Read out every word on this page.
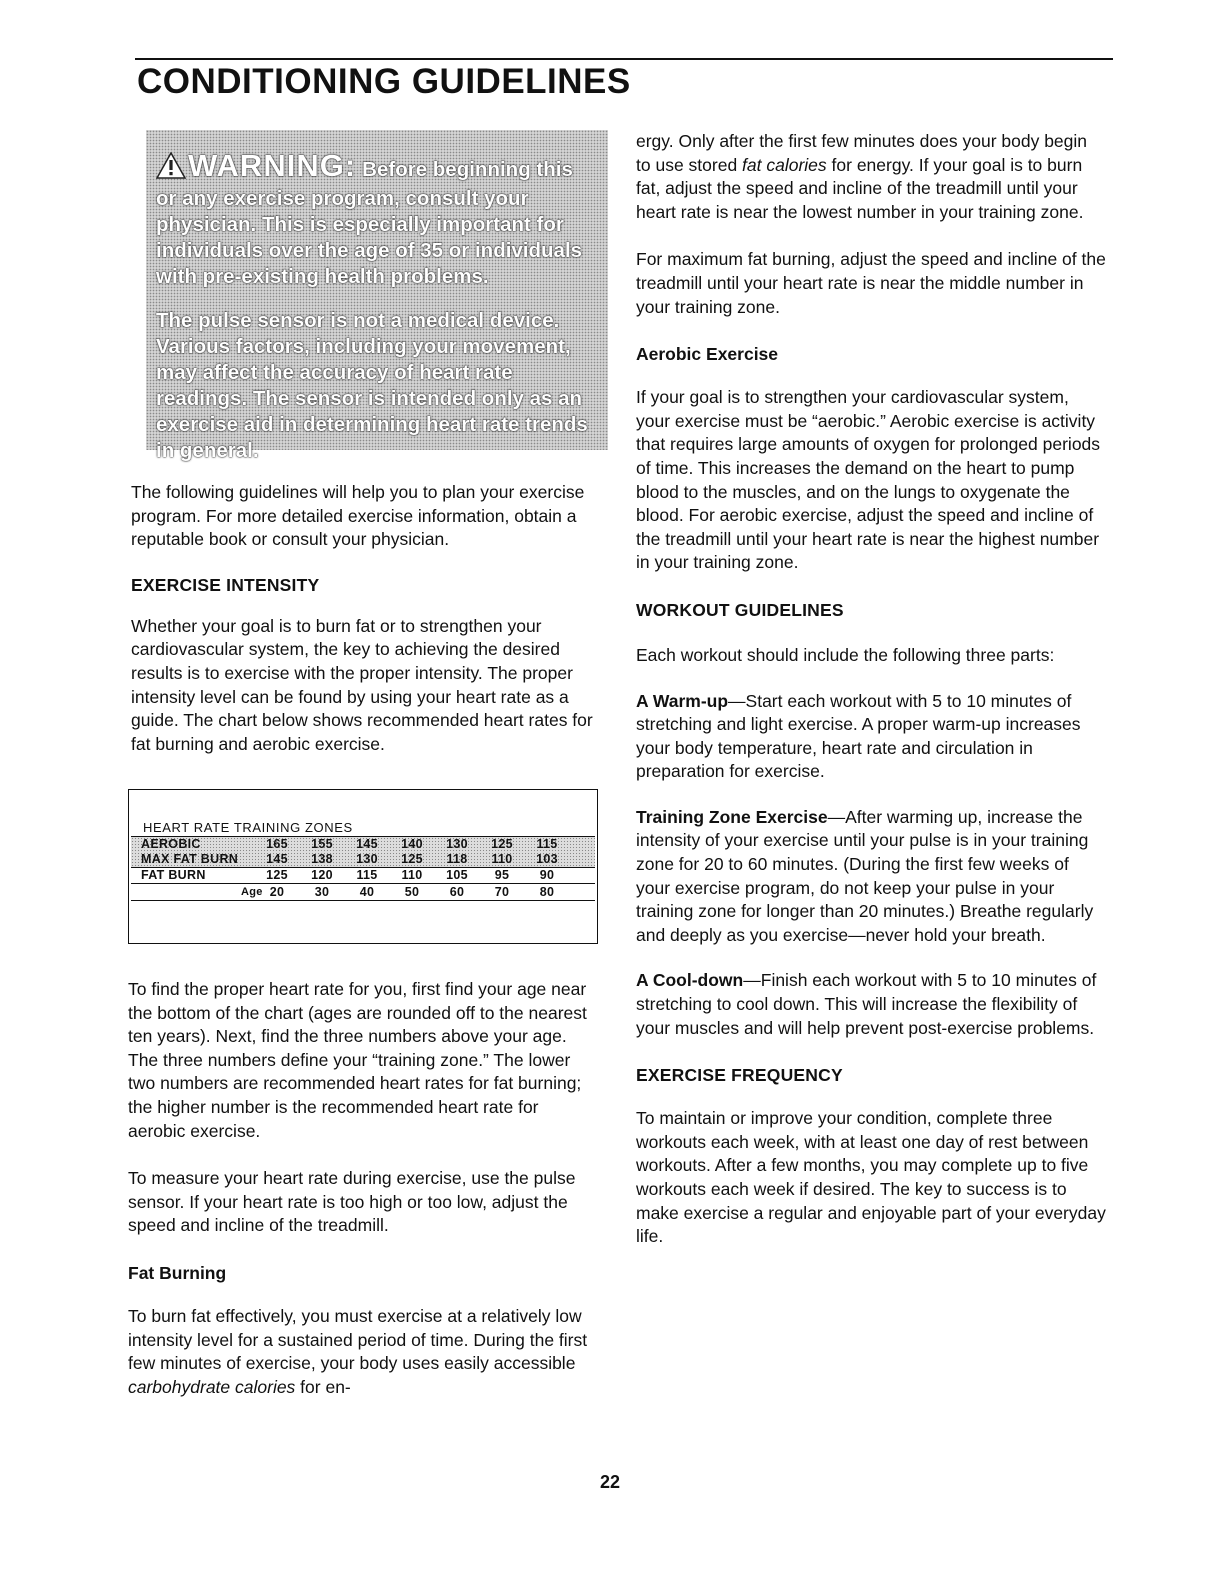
CONDITIONING GUIDELINES

WARNING: Before beginning this or any exercise program, consult your physician. This is especially important for individuals over the age of 35 or individuals with pre-existing health problems.

The pulse sensor is not a medical device. Various factors, including your movement, may affect the accuracy of heart rate readings. The sensor is intended only as an exercise aid in determining heart rate trends in general.

The following guidelines will help you to plan your exercise program. For more detailed exercise information, obtain a reputable book or consult your physician.

EXERCISE INTENSITY

Whether your goal is to burn fat or to strengthen your cardiovascular system, the key to achieving the desired results is to exercise with the proper intensity. The proper intensity level can be found by using your heart rate as a guide. The chart below shows recommended heart rates for fat burning and aerobic exercise.

HEART RATE TRAINING ZONES
AEROBIC	165	155	145	140	130	125	115
MAX FAT BURN	145	138	130	125	118	110	103
FAT BURN	125	120	115	110	105	95	90
Age 20	30	40	50	60	70	80

To find the proper heart rate for you, first find your age near the bottom of the chart (ages are rounded off to the nearest ten years). Next, find the three numbers above your age. The three numbers define your “training zone.” The lower two numbers are recommended heart rates for fat burning; the higher number is the recommended heart rate for aerobic exercise.

To measure your heart rate during exercise, use the pulse sensor. If your heart rate is too high or too low, adjust the speed and incline of the treadmill.

Fat Burning

To burn fat effectively, you must exercise at a relatively low intensity level for a sustained period of time. During the first few minutes of exercise, your body uses easily accessible carbohydrate calories for en-

ergy. Only after the first few minutes does your body begin to use stored fat calories for energy. If your goal is to burn fat, adjust the speed and incline of the treadmill until your heart rate is near the lowest number in your training zone.

For maximum fat burning, adjust the speed and incline of the treadmill until your heart rate is near the middle number in your training zone.

Aerobic Exercise

If your goal is to strengthen your cardiovascular system, your exercise must be “aerobic.” Aerobic exercise is activity that requires large amounts of oxygen for prolonged periods of time. This increases the demand on the heart to pump blood to the muscles, and on the lungs to oxygenate the blood. For aerobic exercise, adjust the speed and incline of the treadmill until your heart rate is near the highest number in your training zone.

WORKOUT GUIDELINES

Each workout should include the following three parts:

A Warm-up—Start each workout with 5 to 10 minutes of stretching and light exercise. A proper warm-up increases your body temperature, heart rate and circulation in preparation for exercise.

Training Zone Exercise—After warming up, increase the intensity of your exercise until your pulse is in your training zone for 20 to 60 minutes. (During the first few weeks of your exercise program, do not keep your pulse in your training zone for longer than 20 minutes.) Breathe regularly and deeply as you exercise—never hold your breath.

A Cool-down—Finish each workout with 5 to 10 minutes of stretching to cool down. This will increase the flexibility of your muscles and will help prevent post-exercise problems.

EXERCISE FREQUENCY

To maintain or improve your condition, complete three workouts each week, with at least one day of rest between workouts. After a few months, you may complete up to five workouts each week if desired. The key to success is to make exercise a regular and enjoyable part of your everyday life.

22
